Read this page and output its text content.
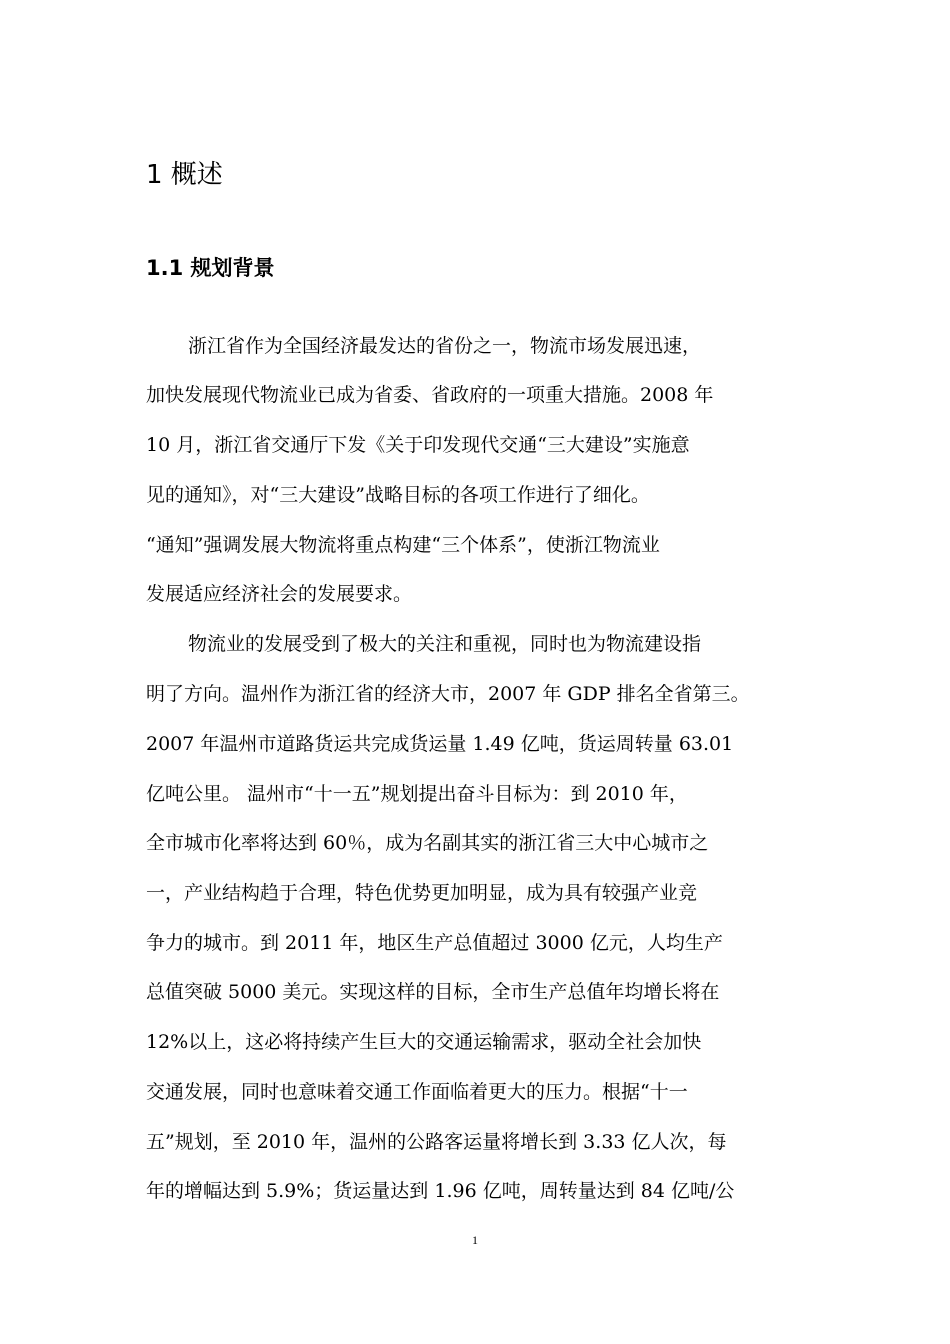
1 概述
1.1 规划背景
浙江省作为全国经济最发达的省份之一，物流市场发展迅速，
加快发展现代物流业已成为省委、省政府的一项重大措施。2008 年
10 月，浙江省交通厅下发《关于印发现代交通“三大建设”实施意
见的通知》，对“三大建设”战略目标的各项工作进行了细化。
“通知”强调发展大物流将重点构建“三个体系”，使浙江物流业
发展适应经济社会的发展要求。
物流业的发展受到了极大的关注和重视，同时也为物流建设指
明了方向。温州作为浙江省的经济大市，2007 年 GDP 排名全省第三。
2007 年温州市道路货运共完成货运量 1.49 亿吨，货运周转量 63.01
亿吨公里。 温州市“十一五”规划提出奋斗目标为：到 2010 年，
全市城市化率将达到 60％，成为名副其实的浙江省三大中心城市之
一，产业结构趋于合理，特色优势更加明显，成为具有较强产业竞
争力的城市。到 2011 年，地区生产总值超过 3000 亿元，人均生产
总值突破 5000 美元。实现这样的目标，全市生产总值年均增长将在
12%以上，这必将持续产生巨大的交通运输需求，驱动全社会加快
交通发展，同时也意味着交通工作面临着更大的压力。根据“十一
五”规划，至 2010 年，温州的公路客运量将增长到 3.33 亿人次，每
年的增幅达到 5.9%；货运量达到 1.96 亿吨，周转量达到 84 亿吨/公
1
